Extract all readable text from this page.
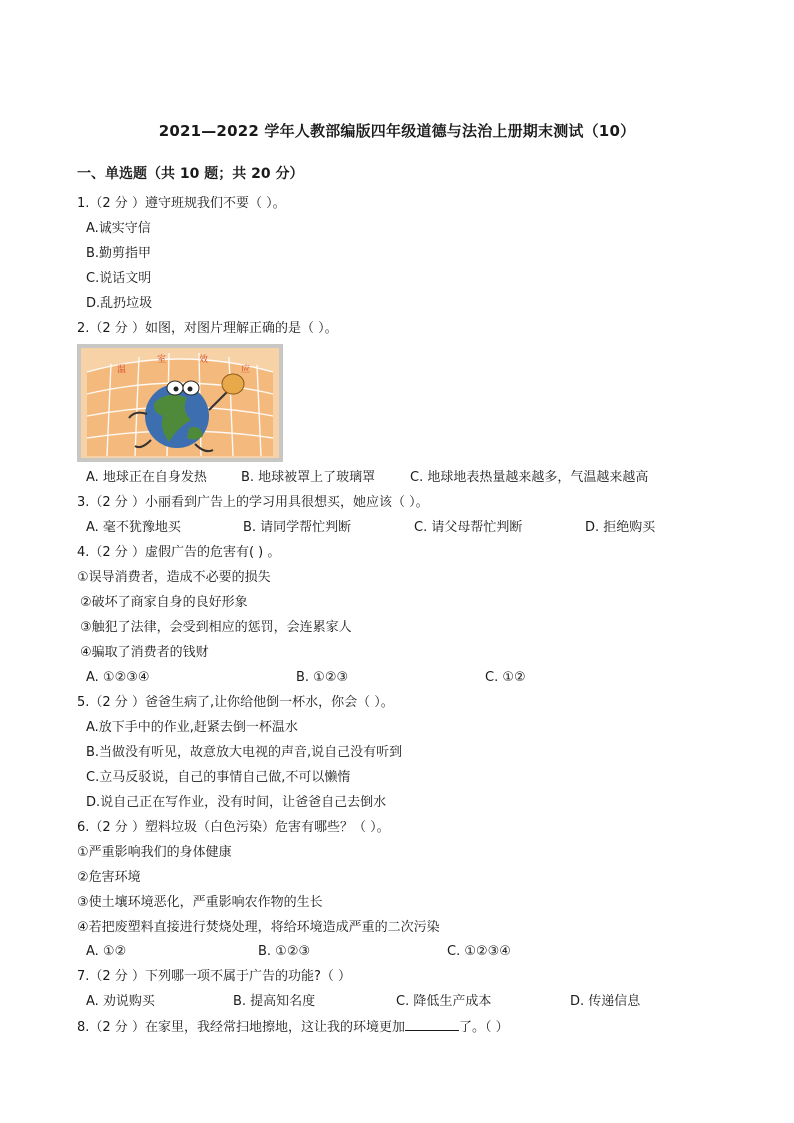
2021—2022 学年人教部编版四年级道德与法治上册期末测试（10）
一、单选题（共 10 题；共 20 分）
1.（2 分 ）遵守班规我们不要（ ）。
A.诚实守信
B.勤剪指甲
C.说话文明
D.乱扔垃圾
2.（2 分 ）如图，对图片理解正确的是（ ）。
温
室	效
应
A. 地球正在自身发热	B. 地球被罩上了玻璃罩	C. 地球地表热量越来越多，气温越来越高
3.（2 分 ）小丽看到广告上的学习用具很想买，她应该（ ）。
A. 毫不犹豫地买	B. 请同学帮忙判断	C. 请父母帮忙判断	D. 拒绝购买
4.（2 分 ）虚假广告的危害有( ) 。
①误导消费者，造成不必要的损失
②破坏了商家自身的良好形象
③触犯了法律，会受到相应的惩罚，会连累家人
④骗取了消费者的钱财
A. ①②③④	B. ①②③	C. ①②
5.（2 分 ）爸爸生病了,让你给他倒一杯水，你会（ ）。
A.放下手中的作业,赶紧去倒一杯温水
B.当做没有听见，故意放大电视的声音,说自己没有听到
C.立马反驳说，自己的事情自己做,不可以懒惰
D.说自己正在写作业，没有时间，让爸爸自己去倒水
6.（2 分 ）塑料垃圾（白色污染）危害有哪些？（ ）。
①严重影响我们的身体健康
②危害环境
③使土壤环境恶化，严重影响农作物的生长
④若把废塑料直接进行焚烧处理，将给环境造成严重的二次污染
A. ①②	B. ①②③	C. ①②③④
7.（2 分 ）下列哪一项不属于广告的功能?（ ）
A. 劝说购买	B. 提高知名度	C. 降低生产成本	D. 传递信息
8.（2 分 ）在家里，我经常扫地擦地，这让我的环境更加	了。（ ）
